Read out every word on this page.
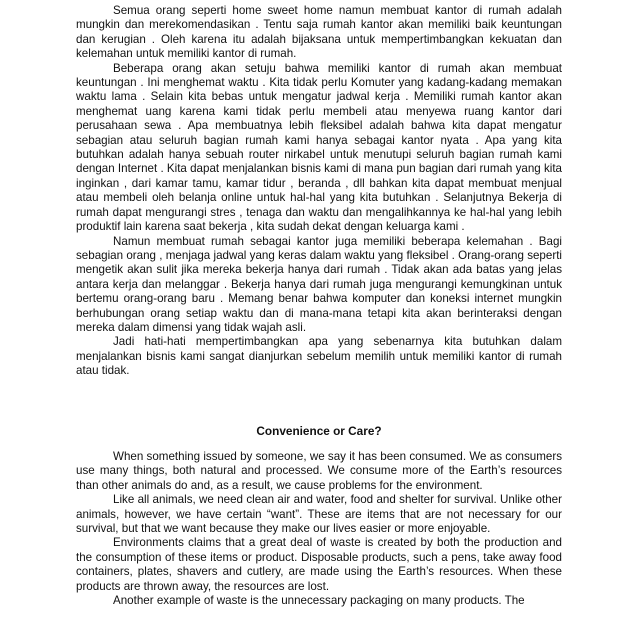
Semua orang seperti home sweet home namun membuat kantor di rumah adalah mungkin dan merekomendasikan . Tentu saja rumah kantor akan memiliki baik keuntungan dan kerugian . Oleh karena itu adalah bijaksana untuk mempertimbangkan kekuatan dan kelemahan untuk memiliki kantor di rumah.

Beberapa orang akan setuju bahwa memiliki kantor di rumah akan membuat keuntungan . Ini menghemat waktu . Kita tidak perlu Komuter yang kadang-kadang memakan waktu lama . Selain kita bebas untuk mengatur jadwal kerja . Memiliki rumah kantor akan menghemat uang karena kami tidak perlu membeli atau menyewa ruang kantor dari perusahaan sewa . Apa membuatnya lebih fleksibel adalah bahwa kita dapat mengatur sebagian atau seluruh bagian rumah kami hanya sebagai kantor nyata . Apa yang kita butuhkan adalah hanya sebuah router nirkabel untuk menutupi seluruh bagian rumah kami dengan Internet . Kita dapat menjalankan bisnis kami di mana pun bagian dari rumah yang kita inginkan , dari kamar tamu, kamar tidur , beranda , dll bahkan kita dapat membuat menjual atau membeli oleh belanja online untuk hal-hal yang kita butuhkan . Selanjutnya Bekerja di rumah dapat mengurangi stres , tenaga dan waktu dan mengalihkannya ke hal-hal yang lebih produktif lain karena saat bekerja , kita sudah dekat dengan keluarga kami .

Namun membuat rumah sebagai kantor juga memiliki beberapa kelemahan . Bagi sebagian orang , menjaga jadwal yang keras dalam waktu yang fleksibel . Orang-orang seperti mengetik akan sulit jika mereka bekerja hanya dari rumah . Tidak akan ada batas yang jelas antara kerja dan melanggar . Bekerja hanya dari rumah juga mengurangi kemungkinan untuk bertemu orang-orang baru . Memang benar bahwa komputer dan koneksi internet mungkin berhubungan orang setiap waktu dan di mana-mana tetapi kita akan berinteraksi dengan mereka dalam dimensi yang tidak wajah asli.

Jadi hati-hati mempertimbangkan apa yang sebenarnya kita butuhkan dalam menjalankan bisnis kami sangat dianjurkan sebelum memilih untuk memiliki kantor di rumah atau tidak.

Convenience or Care?

When something issued by someone, we say it has been consumed. We as consumers use many things, both natural and processed. We consume more of the Earth’s resources than other animals do and, as a result, we cause problems for the environment.

Like all animals, we need clean air and water, food and shelter for survival. Unlike other animals, however, we have certain “want”. These are items that are not necessary for our survival, but that we want because they make our lives easier or more enjoyable.

Environments claims that a great deal of waste is created by both the production and the consumption of these items or product. Disposable products, such a pens, take away food containers, plates, shavers and cutlery, are made using the Earth’s resources. When these products are thrown away, the resources are lost.

Another example of waste is the unnecessary packaging on many products. The
